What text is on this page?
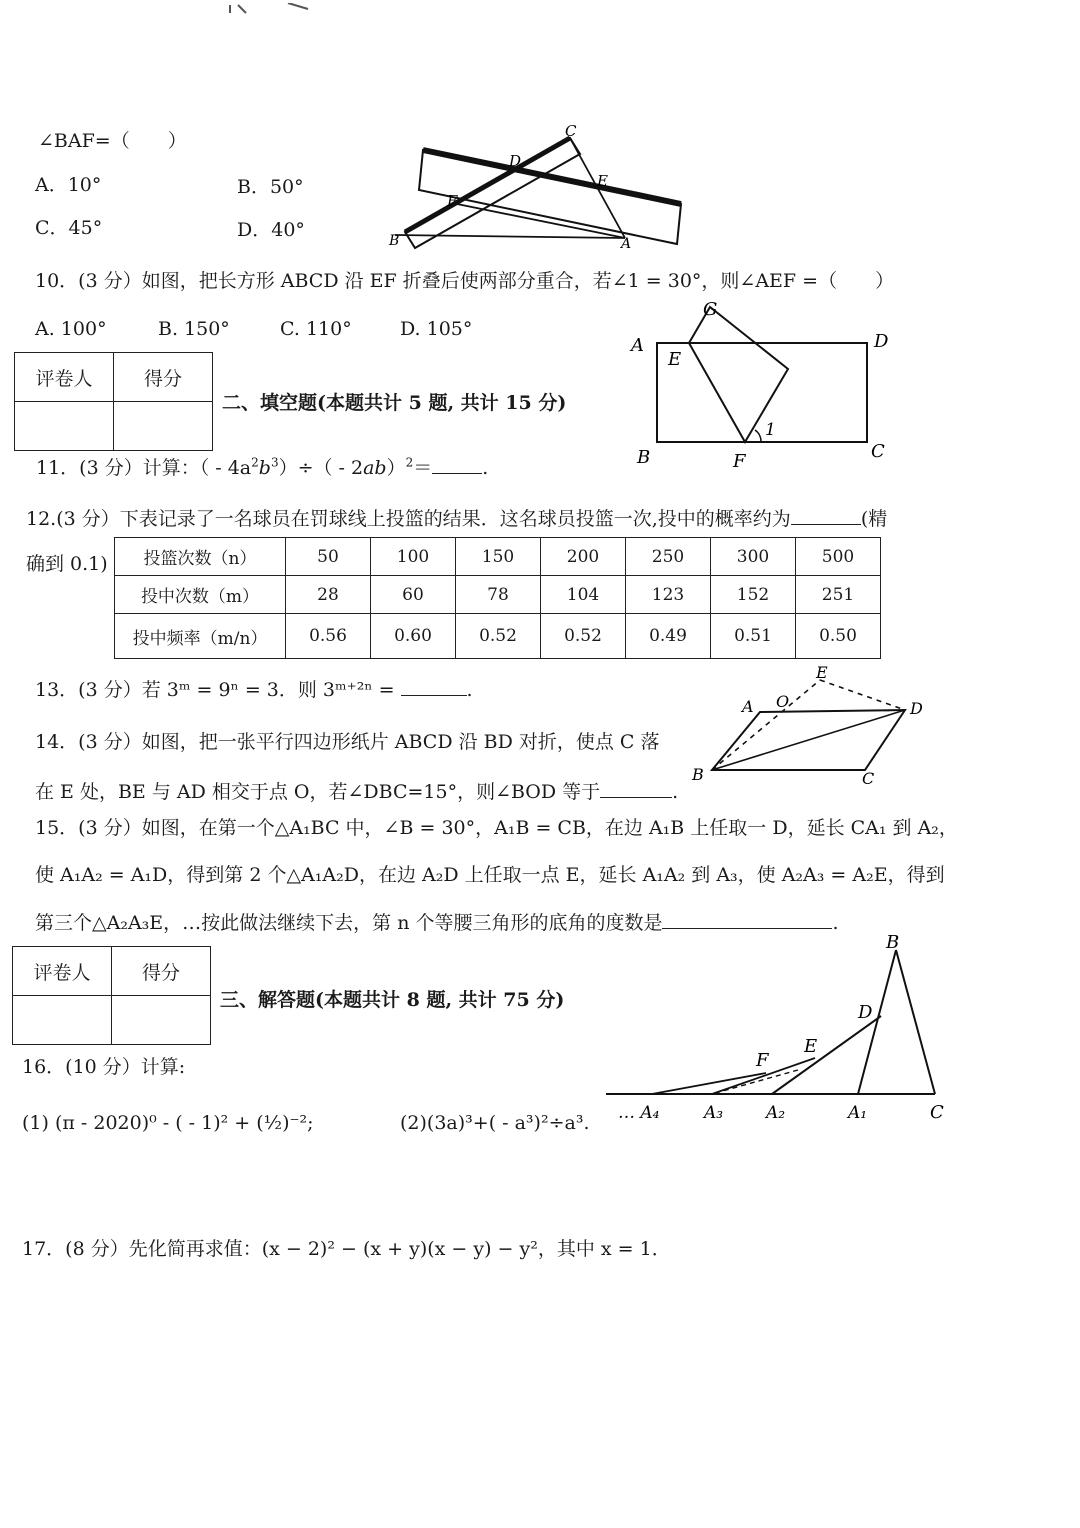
∠BAF=（　　）
A．10°	B．50°
C．45°	D．40°
C
D
E
F
B	A
10．(3 分）如图，把长方形 ABCD 沿 EF 折叠后使两部分重合，若∠1 = 30°，则∠AEF =（　　）
A. 100°	B. 150°	C. 110°	D. 105°
A
E
G
D
B	F
1
C
评卷人	得分

二、填空题(本题共计 5 题, 共计 15 分)
11．(3 分）计算：（ - $4a^2b^3)\div( - 2ab)^2=$	.
12.(3 分）下表记录了一名球员在罚球线上投篮的结果．这名球员投篮一次,投中的概率约为	(精
确到 0.1) 投篮次数（n）	50	100	150	200	250	300	500
投中次数（m）	28	60	78	104	123	152	251
投中频率（m/n）	0.56	0.60	0.52	0.52	0.49	0.51	0.50
13．(3 分）若 3ᵐ = 9ⁿ = 3．则 3ᵐ⁺²ⁿ =	.
E
A O	D
B	C
14．(3 分）如图，把一张平行四边形纸片 ABCD 沿 BD 对折，使点 C 落
在 E 处，BE 与 AD 相交于点 O，若∠DBC=15°，则∠BOD 等于	.
15．(3 分）如图，在第一个△A₁BC 中，∠B = 30°，A₁B = CB，在边 A₁B 上任取一 D，延长 CA₁ 到 A₂，
使 A₁A₂ = A₁D，得到第 2 个△A₁A₂D，在边 A₂D 上任取一点 E，延长 A₁A₂ 到 A₃，使 A₂A₃ = A₂E，得到
第三个△A₂A₃E，…按此做法继续下去，第 n 个等腰三角形的底角的度数是	.
评卷人	得分

三、解答题(本题共计 8 题, 共计 75 分)
B
D
E
F
… A₄	A₃	A₂	A₁	C
16．(10 分）计算:
(1) (π - 2020)⁰ - ( - 1)² + (½)⁻²;	(2)(3a)³+( - a³)²÷a³.
17．(8 分）先化简再求值：(x − 2)² − (x + y)(x − y) − y²，其中 x = 1．
